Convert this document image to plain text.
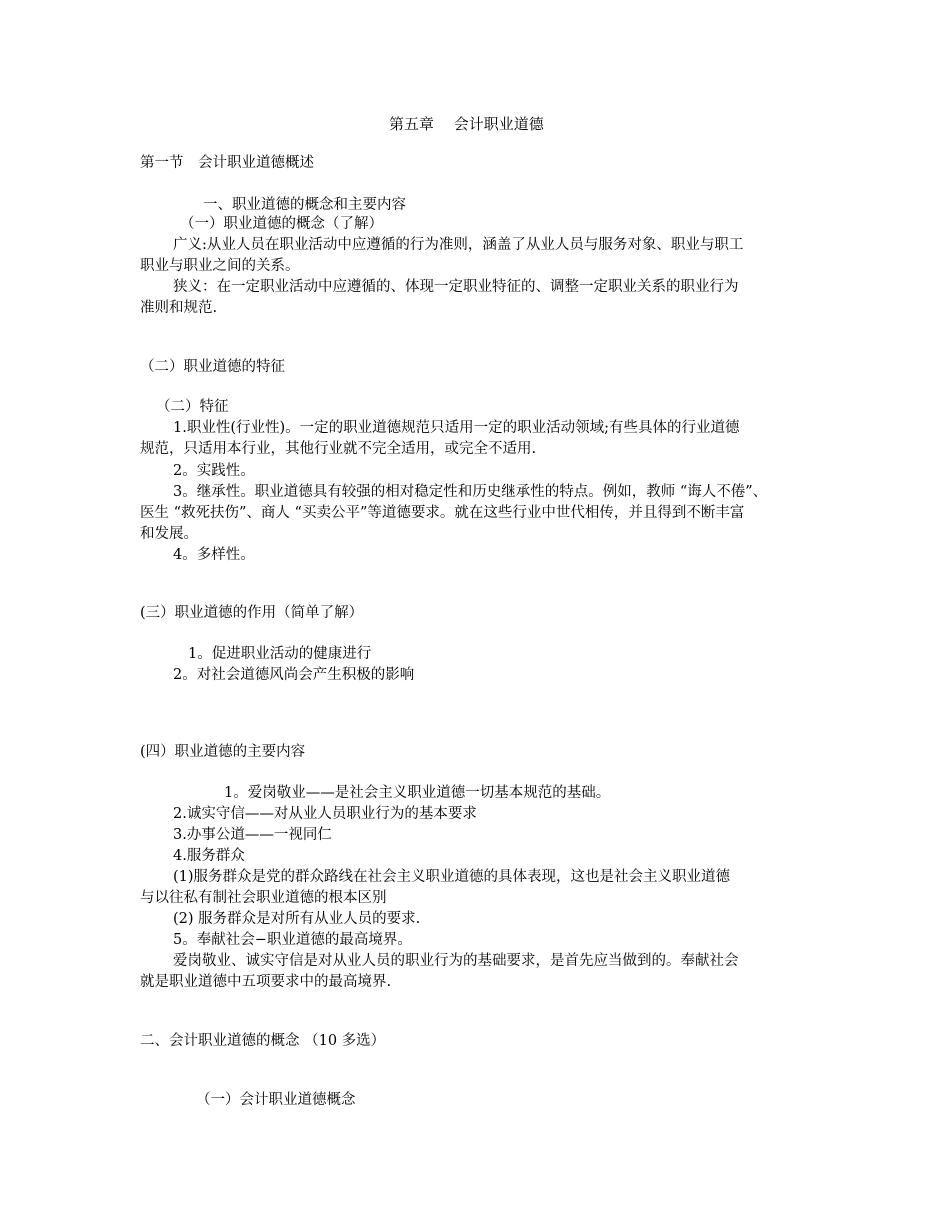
第五章　 会计职业道德
第一节　会计职业道德概述
一、职业道德的概念和主要内容
（一）职业道德的概念（了解）
广义:从业人员在职业活动中应遵循的行为准则，涵盖了从业人员与服务对象、职业与职工
职业与职业之间的关系。
狭义：在一定职业活动中应遵循的、体现一定职业特征的、调整一定职业关系的职业行为
准则和规范.
（二）职业道德的特征
（二）特征
1.职业性(行业性)。一定的职业道德规范只适用一定的职业活动领域;有些具体的行业道德
规范，只适用本行业，其他行业就不完全适用，或完全不适用.
2。实践性。
3。继承性。职业道德具有较强的相对稳定性和历史继承性的特点。例如，教师 “诲人不倦”、
医生 “救死扶伤”、商人 “买卖公平”等道德要求。就在这些行业中世代相传，并且得到不断丰富
和发展。
4。多样性。
(三）职业道德的作用（简单了解）
1。促进职业活动的健康进行
2。对社会道德风尚会产生积极的影响
(四）职业道德的主要内容
1。爱岗敬业——是社会主义职业道德一切基本规范的基础。
2.诚实守信——对从业人员职业行为的基本要求
3.办事公道——一视同仁
4.服务群众
(1)服务群众是党的群众路线在社会主义职业道德的具体表现，这也是社会主义职业道德
与以往私有制社会职业道德的根本区别
(2) 服务群众是对所有从业人员的要求.
5。奉献社会−职业道德的最高境界。
爱岗敬业、诚实守信是对从业人员的职业行为的基础要求，是首先应当做到的。奉献社会
就是职业道德中五项要求中的最高境界.
二、会计职业道德的概念 （10 多选）
（一）会计职业道德概念
